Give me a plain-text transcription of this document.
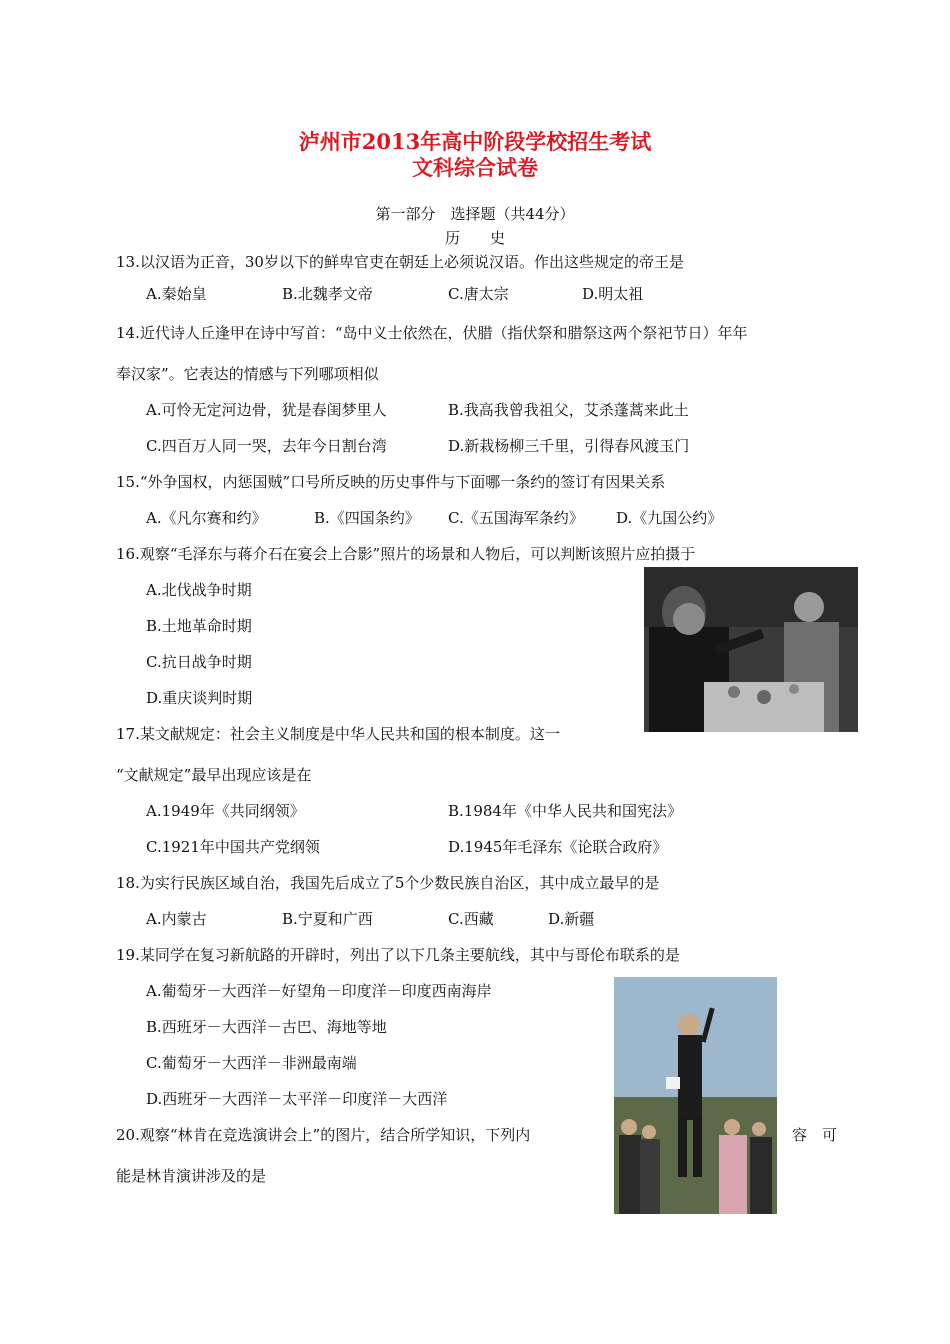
泸州市2013年高中阶段学校招生考试
文科综合试卷
第一部分　选择题（共44分）
历　　史
13.以汉语为正音，30岁以下的鲜卑官吏在朝廷上必须说汉语。作出这些规定的帝王是
A.秦始皇	B.北魏孝文帝	C.唐太宗	D.明太祖
14.近代诗人丘逢甲在诗中写首：“岛中义士依然在，伏腊（指伏祭和腊祭这两个祭祀节日）年年
奉汉家”。它表达的情感与下列哪项相似
A.可怜无定河边骨，犹是春闺梦里人	B.我高我曾我祖父，艾杀蓬蒿来此土
C.四百万人同一哭，去年今日割台湾	D.新栽杨柳三千里，引得春风渡玉门
15.“外争国权，内惩国贼”口号所反映的历史事件与下面哪一条约的签订有因果关系
A.《凡尔赛和约》	B.《四国条约》 C.《五国海军条约》 D.《九国公约》
16.观察“毛泽东与蒋介石在宴会上合影”照片的场景和人物后，可以判断该照片应拍摄于
A.北伐战争时期
B.土地革命时期
C.抗日战争时期
D.重庆谈判时期
17.某文献规定：社会主义制度是中华人民共和国的根本制度。这一
“文献规定”最早出现应该是在
A.1949年《共同纲领》	B.1984年《中华人民共和国宪法》
C.1921年中国共产党纲领	D.1945年毛泽东《论联合政府》
18.为实行民族区域自治，我国先后成立了5个少数民族自治区，其中成立最早的是
A.内蒙古	B.宁夏和广西	C.西藏	D.新疆
19.某同学在复习新航路的开辟时，列出了以下几条主要航线，其中与哥伦布联系的是
A.葡萄牙－大西洋－好望角－印度洋－印度西南海岸
B.西班牙－大西洋－古巴、海地等地
C.葡萄牙－大西洋－非洲最南端
D.西班牙－大西洋－太平洋－印度洋－大西洋
20.观察“林肯在竞选演讲会上”的图片，结合所学知识，下列内	容　可
能是林肯演讲涉及的是
